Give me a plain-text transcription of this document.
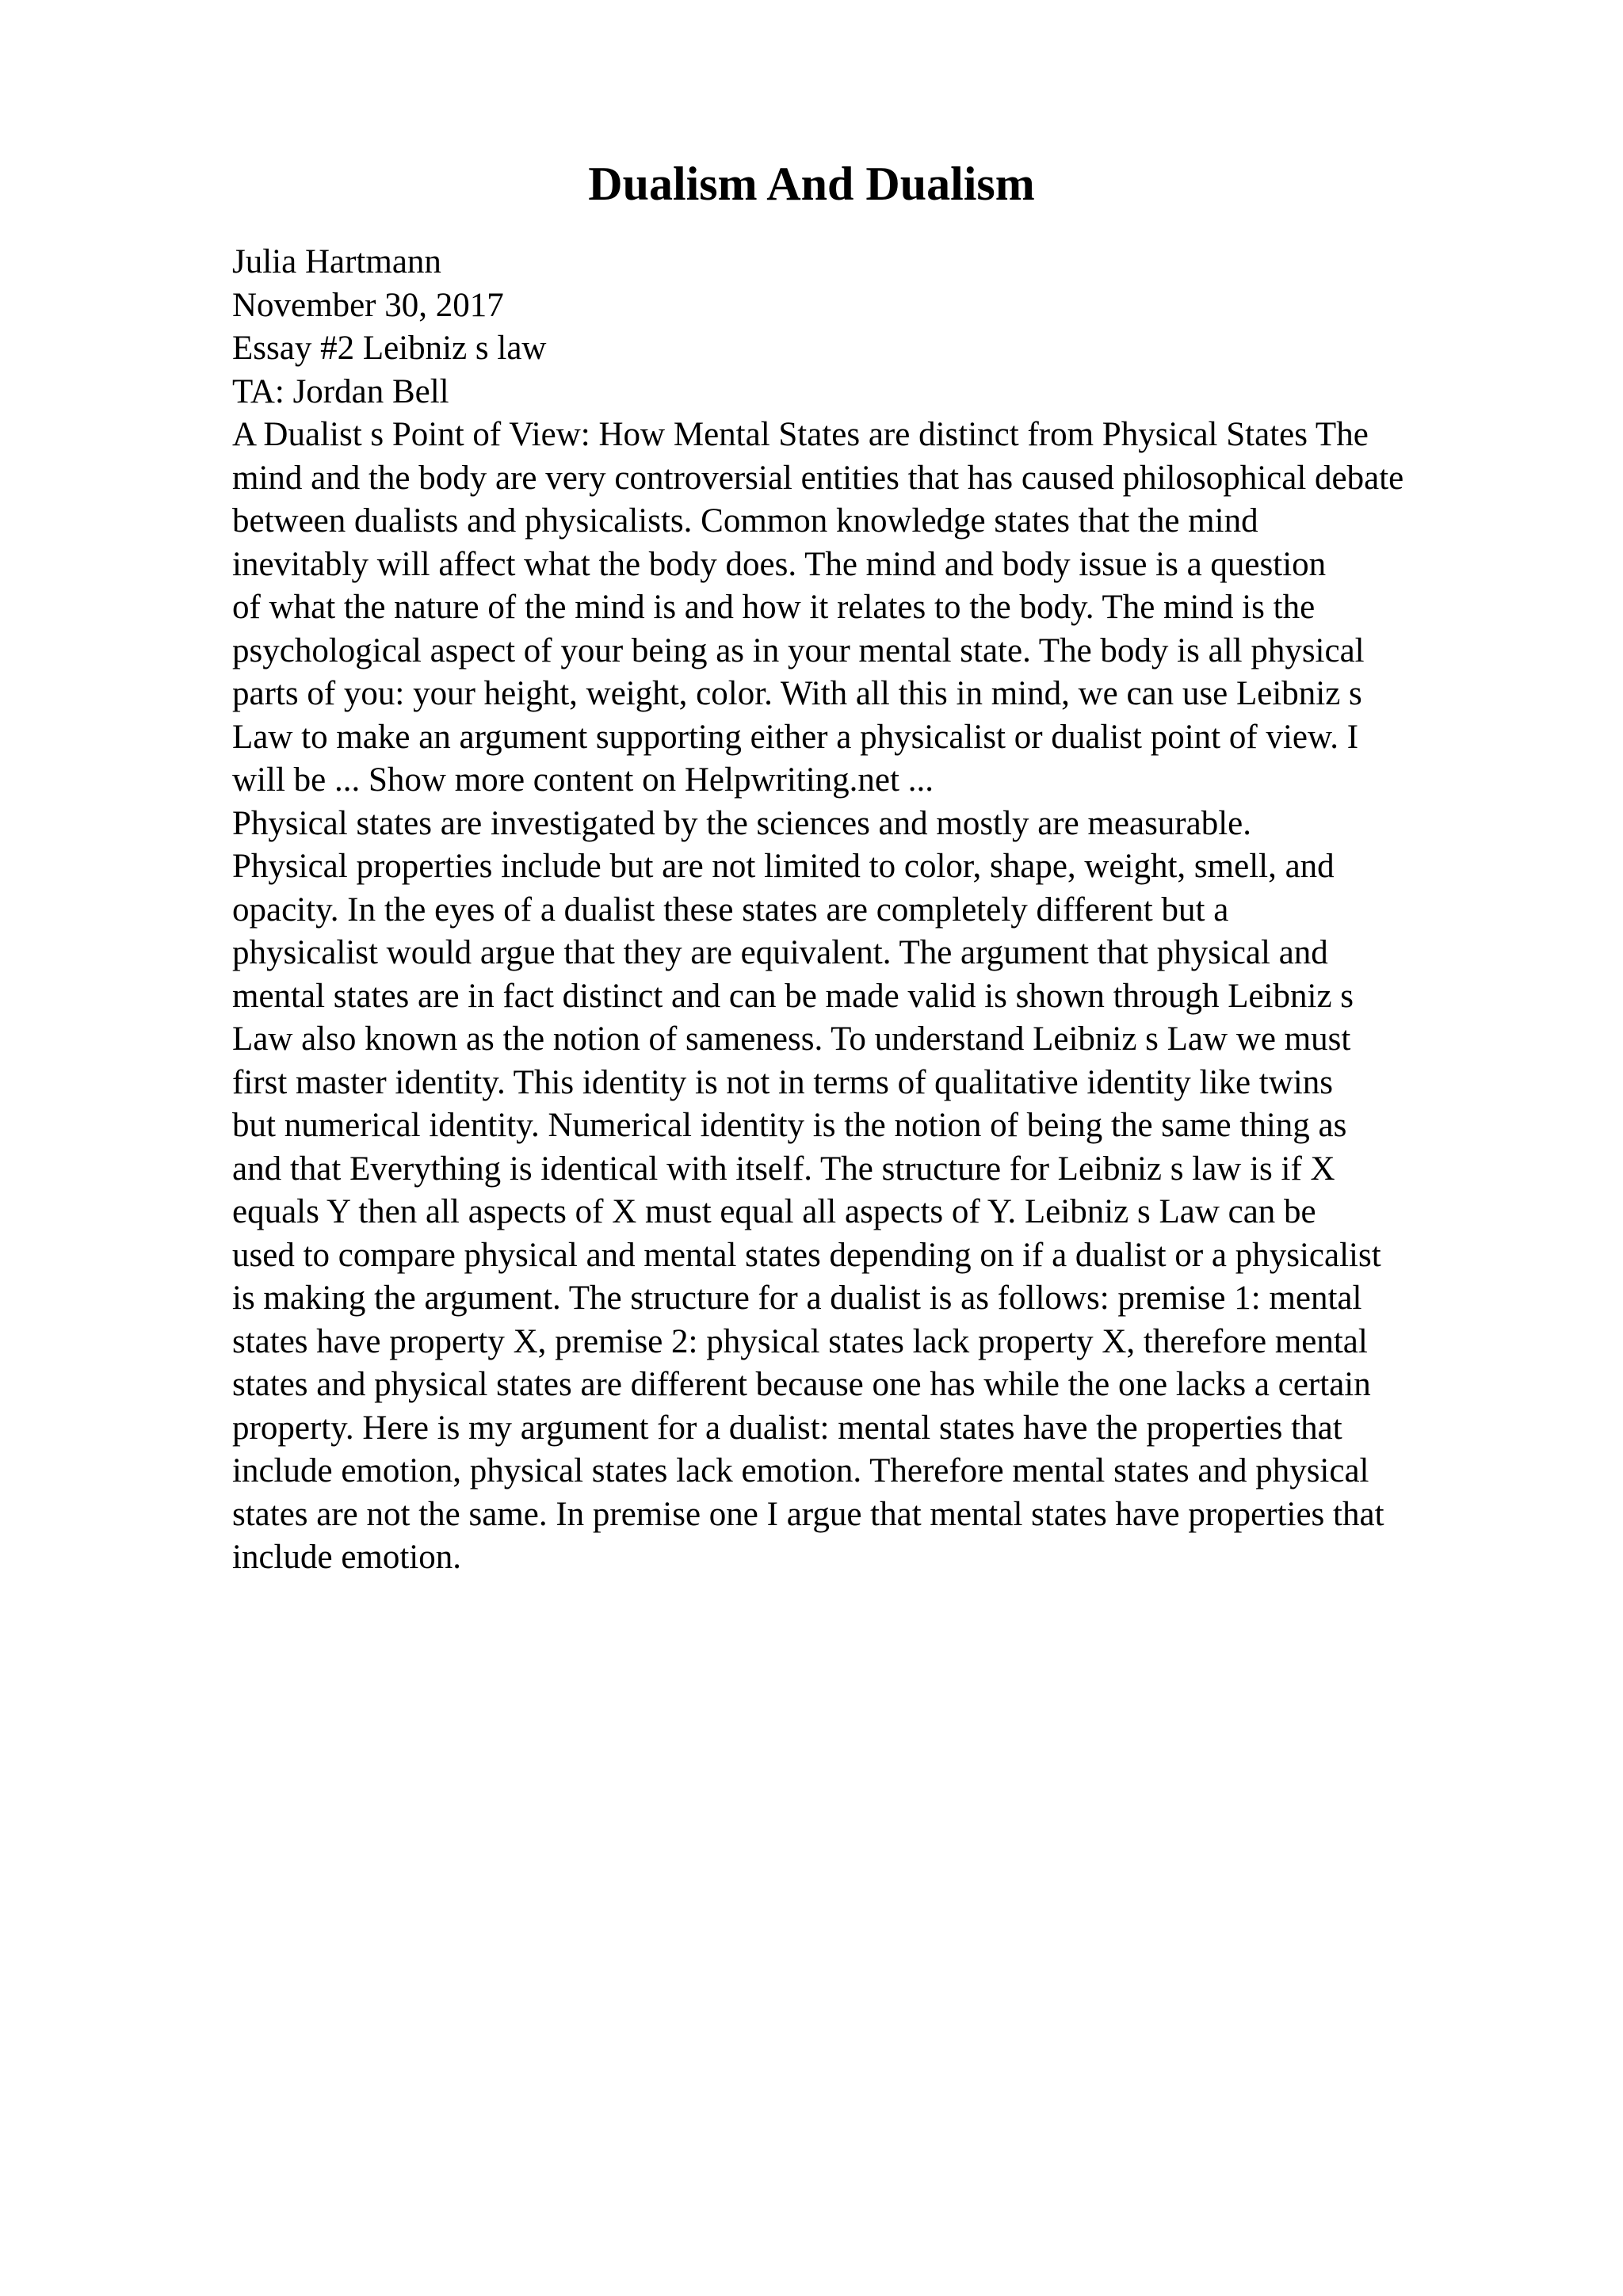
Dualism And Dualism
Julia Hartmann
November 30, 2017
Essay #2 Leibniz s law
TA: Jordan Bell
A Dualist s Point of View: How Mental States are distinct from Physical States The
mind and the body are very controversial entities that has caused philosophical debate
between dualists and physicalists. Common knowledge states that the mind
inevitably will affect what the body does. The mind and body issue is a question
of what the nature of the mind is and how it relates to the body. The mind is the
psychological aspect of your being as in your mental state. The body is all physical
parts of you: your height, weight, color. With all this in mind, we can use Leibniz s
Law to make an argument supporting either a physicalist or dualist point of view. I
will be ... Show more content on Helpwriting.net ...
Physical states are investigated by the sciences and mostly are measurable.
Physical properties include but are not limited to color, shape, weight, smell, and
opacity. In the eyes of a dualist these states are completely different but a
physicalist would argue that they are equivalent. The argument that physical and
mental states are in fact distinct and can be made valid is shown through Leibniz s
Law also known as the notion of sameness. To understand Leibniz s Law we must
first master identity. This identity is not in terms of qualitative identity like twins
but numerical identity. Numerical identity is the notion of being the same thing as
and that Everything is identical with itself. The structure for Leibniz s law is if X
equals Y then all aspects of X must equal all aspects of Y. Leibniz s Law can be
used to compare physical and mental states depending on if a dualist or a physicalist
is making the argument. The structure for a dualist is as follows: premise 1: mental
states have property X, premise 2: physical states lack property X, therefore mental
states and physical states are different because one has while the one lacks a certain
property. Here is my argument for a dualist: mental states have the properties that
include emotion, physical states lack emotion. Therefore mental states and physical
states are not the same. In premise one I argue that mental states have properties that
include emotion.
